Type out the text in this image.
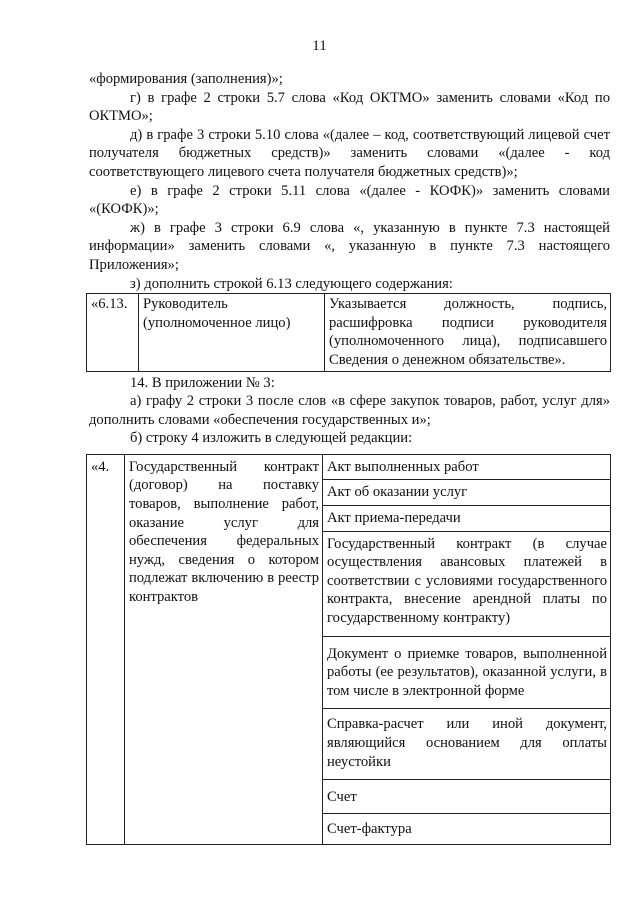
11

«формирования (заполнения)»;

г) в графе 2 строки 5.7 слова «Код ОКТМО» заменить словами «Код по ОКТМО»;

д) в графе 3 строки 5.10 слова «(далее – код, соответствующий лицевой счет получателя бюджетных средств)» заменить словами «(далее - код соответствующего лицевого счета получателя бюджетных средств)»;

е) в графе 2 строки 5.11 слова «(далее - КОФК)» заменить словами «(КОФК)»;

ж) в графе 3 строки 6.9 слова «, указанную в пункте 7.3 настоящей информации» заменить словами «, указанную в пункте 7.3 настоящего Приложения»;

з) дополнить строкой 6.13 следующего содержания:

«6.13.	Руководитель (уполномоченное лицо)	Указывается должность, подпись, расшифровка подписи руководителя (уполномоченного лица), подписавшего Сведения о денежном обязательстве».

14. В приложении № 3:

а) графу 2 строки 3 после слов «в сфере закупок товаров, работ, услуг для» дополнить словами «обеспечения государственных и»;

б) строку 4 изложить в следующей редакции:

«4.	Государственный контракт (договор) на поставку товаров, выполнение работ, оказание услуг для обеспечения федеральных нужд, сведения о котором подлежат включению в реестр контрактов	Акт выполненных работ
Акт об оказании услуг
Акт приема-передачи
Государственный контракт (в случае осуществления авансовых платежей в соответствии с условиями государственного контракта, внесение арендной платы по государственному контракту)
Документ о приемке товаров, выполненной работы (ее результатов), оказанной услуги, в том числе в электронной форме
Справка-расчет или иной документ, являющийся основанием для оплаты неустойки
Счет
Счет-фактура
